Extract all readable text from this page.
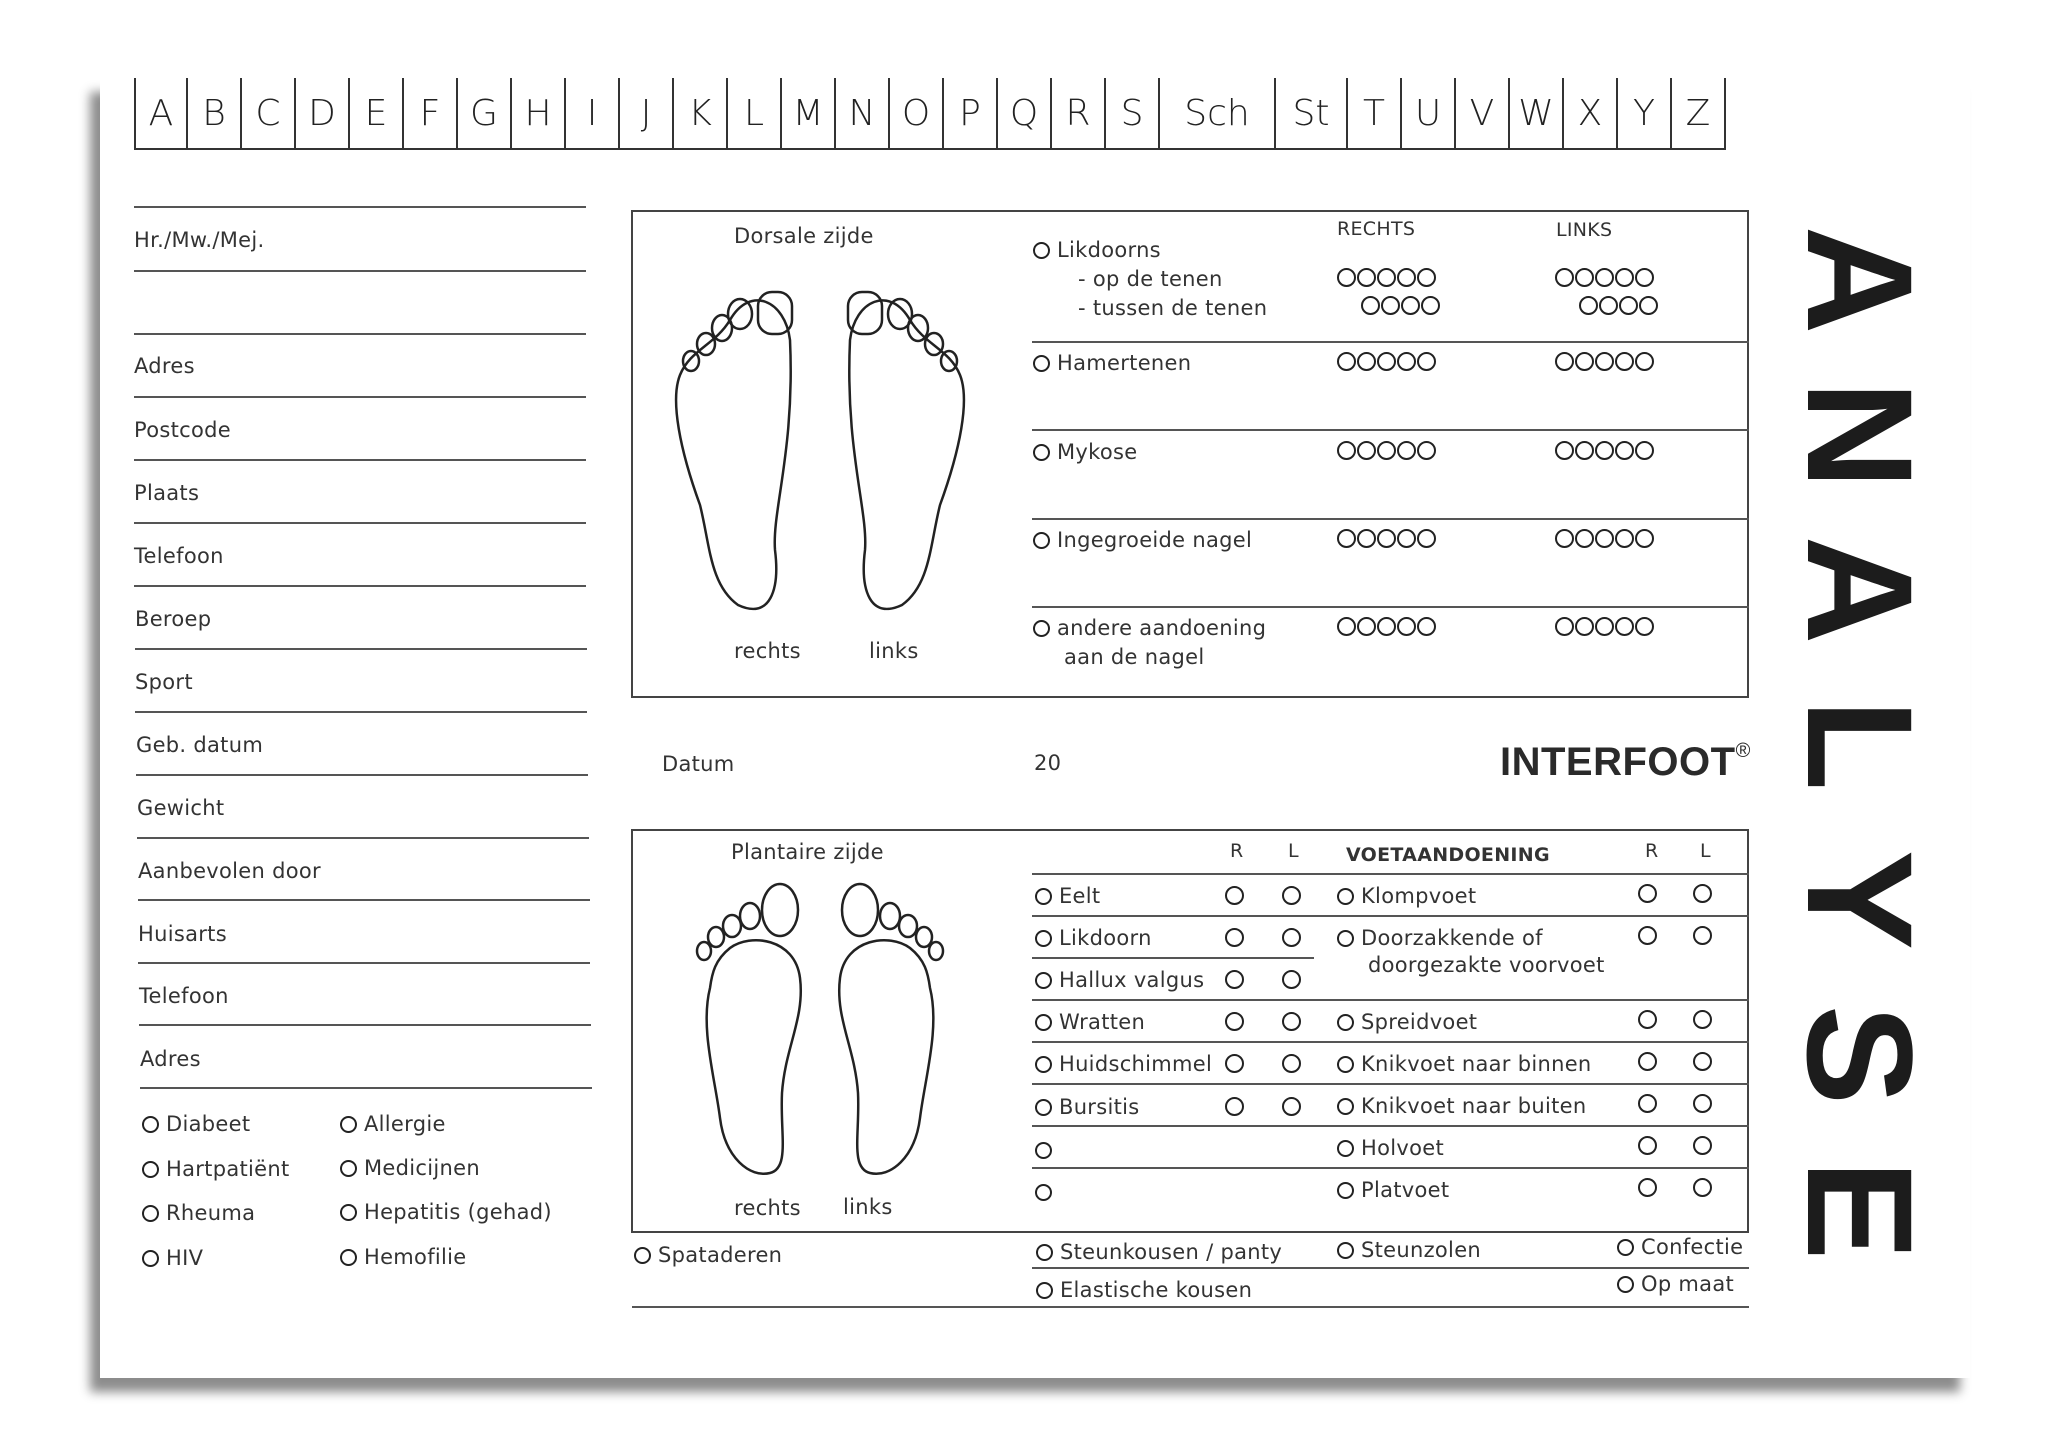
A B C D E F G H I	J	K L M N O P Q R S	Sch	St T U V W X Y Z
Hr./Mw./Mej.
Adres
Postcode
Plaats
Telefoon
Beroep
Sport
Geb. datum
Gewicht
Aanbevolen door
Huisarts
Telefoon
Adres
Diabeet
Hartpatiënt
Rheuma
HIV
Allergie
Medicijnen
Hepatitis (gehad)
Hemofilie
Dorsale zijde
rechts	links
RECHTS	LINKS
Likdoorns
- op de tenen
- tussen de tenen
Hamertenen
Mykose
Ingegroeide nagel
andere aandoening
aan de nagel
Datum	20	INTERFOOT®
Plantaire zijde
rechts links
R L VOETAANDOENING	R L
Eelt
Likdoorn
Hallux valgus
Wratten
Huidschimmel
Bursitis
Klompvoet
Doorzakkende of
doorgezakte voorvoet
Spreidvoet
Knikvoet naar binnen
Knikvoet naar buiten
Holvoet
Platvoet
Spataderen	Steunkousen / panty	Steunzolen	Confectie
Elastische kousen	Op maat
A
N
A
L
Y
S
E
